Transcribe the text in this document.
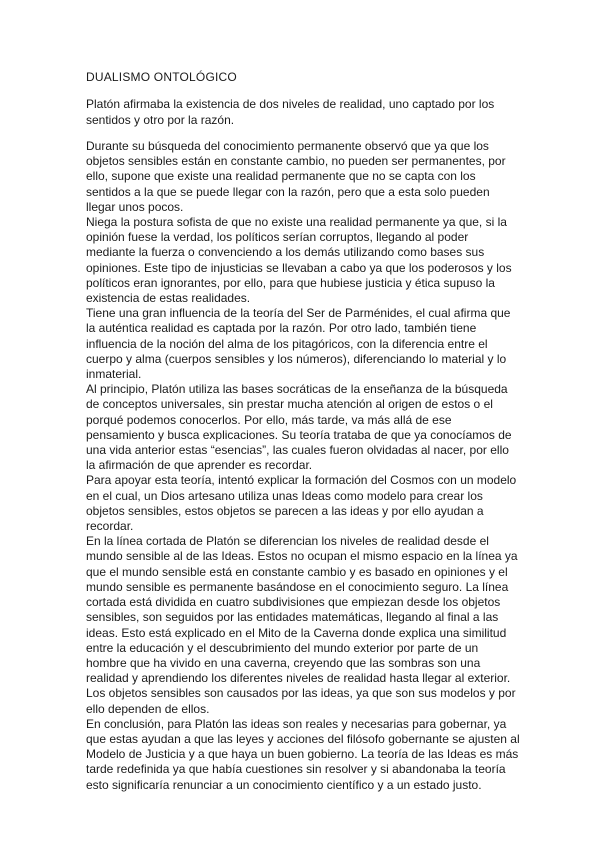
DUALISMO ONTOLÓGICO
Platón afirmaba la existencia de dos niveles de realidad, uno captado por los sentidos y otro por la razón.

Durante su búsqueda del conocimiento permanente observó que ya que los objetos sensibles están en constante cambio, no pueden ser permanentes, por ello, supone que existe una realidad permanente que no se capta con los sentidos a la que se puede llegar con la razón, pero que a esta solo pueden llegar unos pocos.

Niega la postura sofista de que no existe una realidad permanente ya que, si la opinión fuese la verdad, los políticos serían corruptos, llegando al poder mediante la fuerza o convenciendo a los demás utilizando como bases sus opiniones. Este tipo de injusticias se llevaban a cabo ya que los poderosos y los políticos eran ignorantes, por ello, para que hubiese justicia y ética supuso la existencia de estas realidades.

Tiene una gran influencia de la teoría del Ser de Parménides, el cual afirma que la auténtica realidad es captada por la razón. Por otro lado, también tiene influencia de la noción del alma de los pitagóricos, con la diferencia entre el cuerpo y alma (cuerpos sensibles y los números), diferenciando lo material y lo inmaterial.

Al principio, Platón utiliza las bases socráticas de la enseñanza de la búsqueda de conceptos universales, sin prestar mucha atención al origen de estos o el porqué podemos conocerlos. Por ello, más tarde, va más allá de ese pensamiento y busca explicaciones. Su teoría trataba de que ya conocíamos de una vida anterior estas “esencias”, las cuales fueron olvidadas al nacer, por ello la afirmación de que aprender es recordar.

Para apoyar esta teoría, intentó explicar la formación del Cosmos con un modelo en el cual, un Dios artesano utiliza unas Ideas como modelo para crear los objetos sensibles, estos objetos se parecen a las ideas y por ello ayudan a recordar.

En la línea cortada de Platón se diferencian los niveles de realidad desde el mundo sensible al de las Ideas. Estos no ocupan el mismo espacio en la línea ya que el mundo sensible está en constante cambio y es basado en opiniones y el mundo sensible es permanente basándose en el conocimiento seguro. La línea cortada está dividida en cuatro subdivisiones que empiezan desde los objetos sensibles, son seguidos por las entidades matemáticas, llegando al final a las ideas. Esto está explicado en el Mito de la Caverna donde explica una similitud entre la educación y el descubrimiento del mundo exterior por parte de un hombre que ha vivido en una caverna, creyendo que las sombras son una realidad y aprendiendo los diferentes niveles de realidad hasta llegar al exterior. Los objetos sensibles son causados por las ideas, ya que son sus modelos y por ello dependen de ellos.

En conclusión, para Platón las ideas son reales y necesarias para gobernar, ya que estas ayudan a que las leyes y acciones del filósofo gobernante se ajusten al Modelo de Justicia y a que haya un buen gobierno. La teoría de las Ideas es más tarde redefinida ya que había cuestiones sin resolver y si abandonaba la teoría esto significaría renunciar a un conocimiento científico y a un estado justo.
